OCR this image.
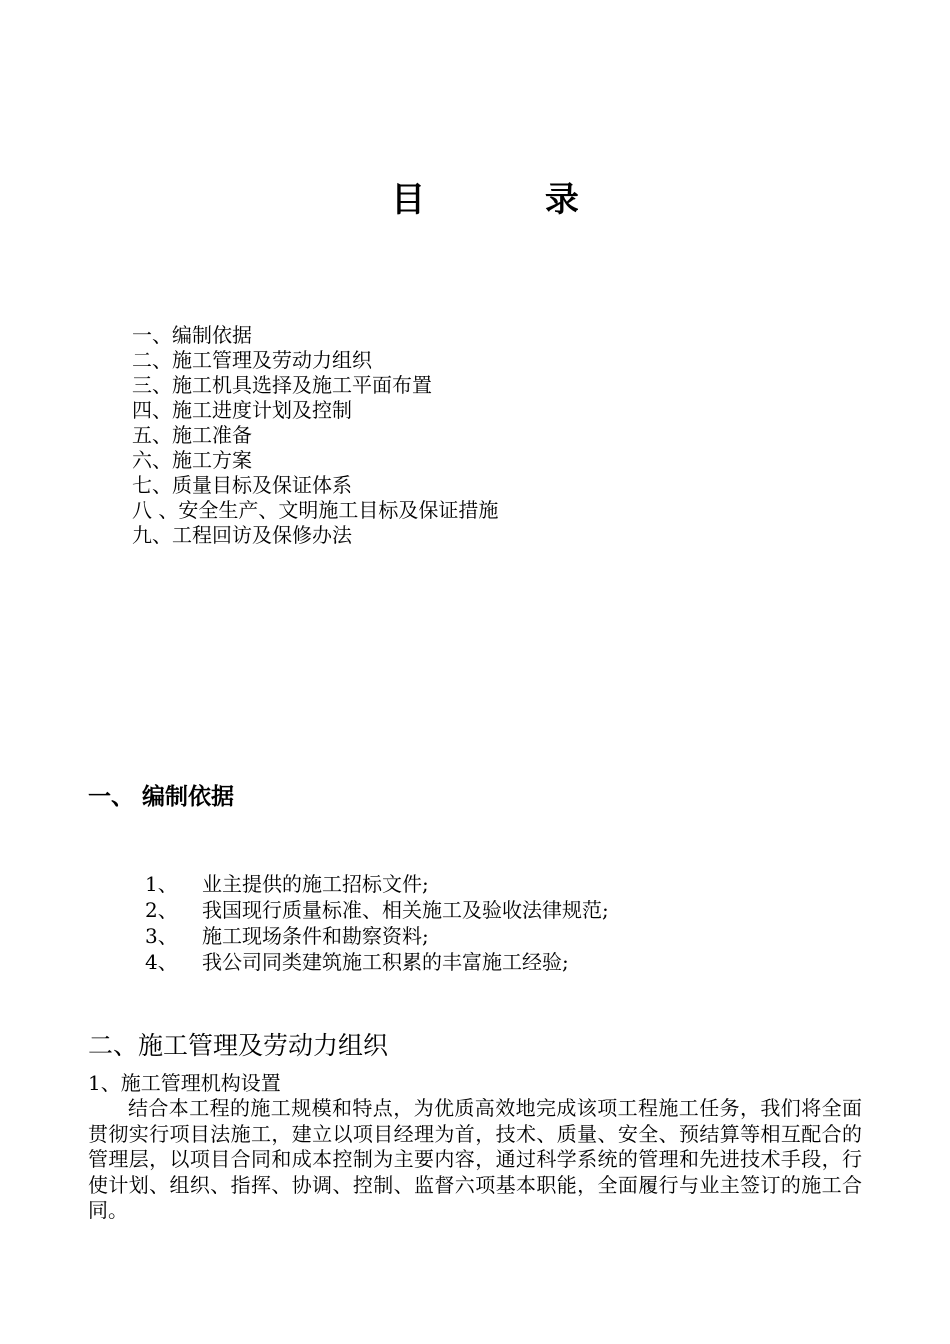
目 录
一、编制依据
二、施工管理及劳动力组织
三、施工机具选择及施工平面布置
四、施工进度计划及控制
五、施工准备
六、施工方案
七、质量目标及保证体系
八 、安全生产、文明施工目标及保证措施
九、工程回访及保修办法
一、 编制依据
1、 业主提供的施工招标文件;
2、 我国现行质量标准、相关施工及验收法律规范;
3、 施工现场条件和勘察资料;
4、 我公司同类建筑施工积累的丰富施工经验;
二、施工管理及劳动力组织
1、施工管理机构设置

结合本工程的施工规模和特点，为优质高效地完成该项工程施工任务，我们将全面贯彻实行项目法施工，建立以项目经理为首，技术、质量、安全、预结算等相互配合的管理层，以项目合同和成本控制为主要内容，通过科学系统的管理和先进技术手段，行使计划、组织、指挥、协调、控制、监督六项基本职能，全面履行与业主签订的施工合同。
